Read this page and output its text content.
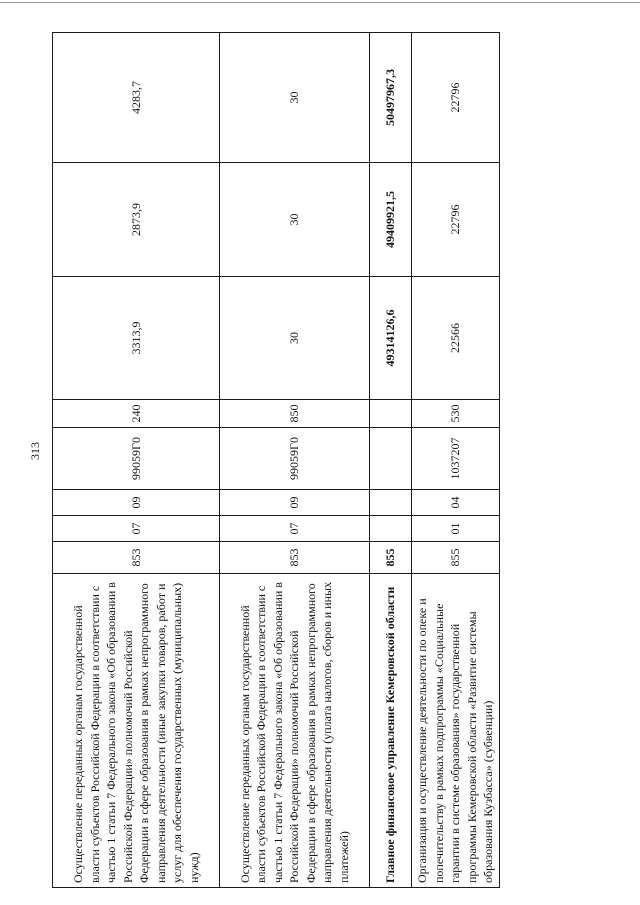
313
Осуществление переданных органам государственной власти субъектов Российской Федерации в соответствии с частью 1 статьи 7 Федерального закона «Об образовании в Российской Федерации» полномочий Российской Федерации в сфере образования в рамках непрограммного направления деятельности (иные закупки товаров, работ и услуг для обеспечения государственных (муниципальных) нужд)	853	07	09	99059Г0	240	3313,9	2873,9	4283,7
Осуществление переданных органам государственной власти субъектов Российской Федерации в соответствии с частью 1 статьи 7 Федерального закона «Об образовании в Российской Федерации» полномочий Российской Федерации в сфере образования в рамках непрограммного направления деятельности (уплата налогов, сборов и иных платежей)	853	07	09	99059Г0	850	30	30	30
Главное финансовое управление Кемеровской области	855					49314126,6	49409921,5	50497967,3
Организация и осуществление деятельности по опеке и попечительству в рамках подпрограммы «Социальные гарантии в системе образования» государственной программы Кемеровской области «Развитие системы образования Кузбасса» (субвенции)	855	01	04	1037207	530	22566	22796	22796
